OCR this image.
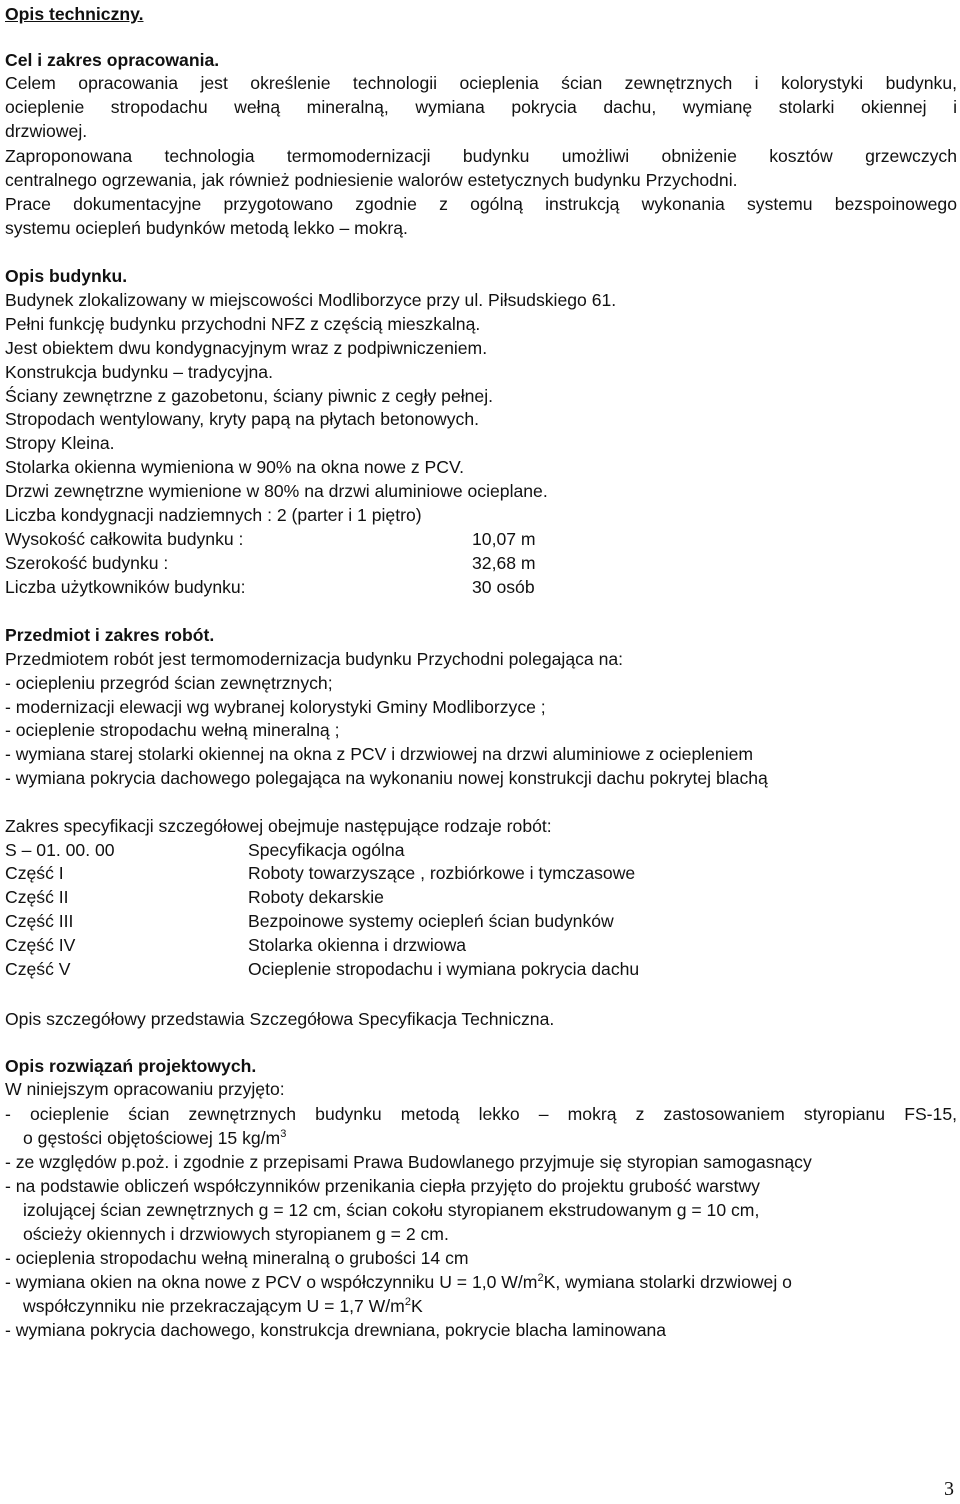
Opis techniczny.
Cel i zakres opracowania.
Celem opracowania jest określenie technologii ocieplenia ścian zewnętrznych i kolorystyki budynku,
ocieplenie stropodachu wełną mineralną, wymiana pokrycia dachu, wymianę stolarki okiennej i
drzwiowej.
Zaproponowana technologia termomodernizacji budynku umożliwi obniżenie kosztów grzewczych
centralnego ogrzewania, jak również podniesienie walorów estetycznych budynku Przychodni.
Prace dokumentacyjne przygotowano zgodnie z ogólną instrukcją wykonania systemu bezspoinowego
systemu ociepleń budynków metodą lekko – mokrą.
Opis budynku.
Budynek zlokalizowany w miejscowości Modliborzyce przy ul. Piłsudskiego 61.
Pełni funkcję budynku przychodni NFZ z częścią mieszkalną.
Jest obiektem dwu kondygnacyjnym wraz z podpiwniczeniem.
Konstrukcja budynku – tradycyjna.
Ściany zewnętrzne z gazobetonu, ściany piwnic z cegły pełnej.
Stropodach wentylowany, kryty papą na płytach betonowych.
Stropy Kleina.
Stolarka okienna wymieniona w 90% na okna nowe z PCV.
Drzwi zewnętrzne wymienione w 80% na drzwi aluminiowe ocieplane.
Liczba kondygnacji nadziemnych : 2 (parter i 1 piętro)
Wysokość całkowita budynku :	10,07 m
Szerokość budynku :	32,68 m
Liczba użytkowników budynku:	30 osób
Przedmiot i zakres robót.
Przedmiotem robót jest termomodernizacja budynku Przychodni polegająca na:
- ociepleniu przegród ścian zewnętrznych;
- modernizacji elewacji wg wybranej kolorystyki Gminy Modliborzyce ;
- ocieplenie stropodachu wełną mineralną ;
- wymiana starej stolarki okiennej na okna z PCV i drzwiowej na drzwi aluminiowe z ociepleniem
- wymiana pokrycia dachowego polegająca na wykonaniu nowej konstrukcji dachu pokrytej blachą
Zakres specyfikacji szczegółowej obejmuje następujące rodzaje robót:
S – 01. 00. 00	Specyfikacja ogólna
Część I	Roboty towarzyszące , rozbiórkowe i tymczasowe
Część II	Roboty dekarskie
Część III	Bezpoinowe systemy ociepleń ścian budynków
Część IV	Stolarka okienna i drzwiowa
Część V	Ocieplenie stropodachu i wymiana pokrycia dachu
Opis szczegółowy przedstawia Szczegółowa Specyfikacja Techniczna.
Opis rozwiązań projektowych.
W niniejszym opracowaniu przyjęto:
- ocieplenie ścian zewnętrznych budynku metodą lekko – mokrą z zastosowaniem styropianu FS-15,
o gęstości objętościowej 15 $kg/m^3$
- ze względów p.poż. i zgodnie z przepisami Prawa Budowlanego przyjmuje się styropian samogasnący
- na podstawie obliczeń współczynników przenikania ciepła przyjęto do projektu grubość warstwy
izolującej ścian zewnętrznych g = 12 cm, ścian cokołu styropianem ekstrudowanym g = 10 cm,
ościeży okiennych i drzwiowych styropianem g = 2 cm.
- ocieplenia stropodachu wełną mineralną o grubości 14 cm
- wymiana okien na okna nowe z PCV o współczynniku U = 1,0 $W/m^2K$, wymiana stolarki drzwiowej o
współczynniku nie przekraczającym U = 1,7 $W/m^2K$
- wymiana pokrycia dachowego, konstrukcja drewniana, pokrycie blacha laminowana
3
